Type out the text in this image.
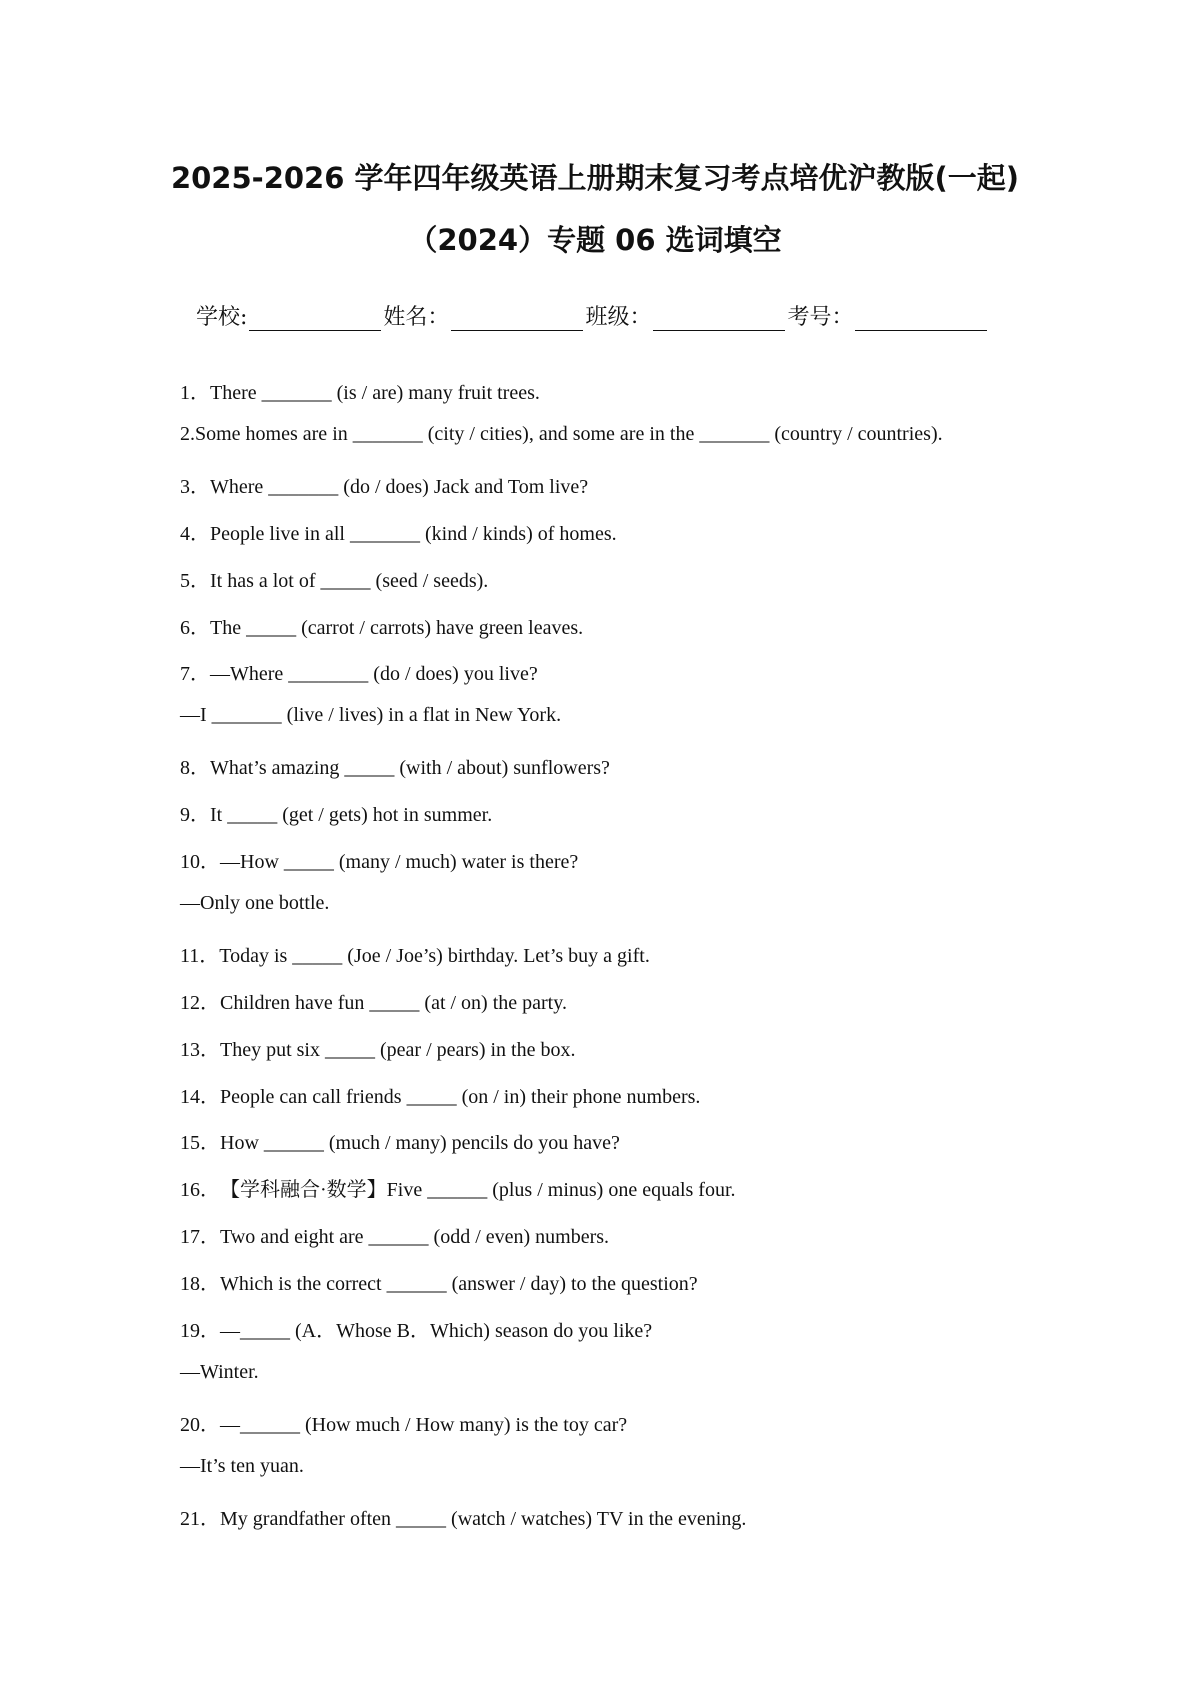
2025-2026 学年四年级英语上册期末复习考点培优沪教版(一起)
（2024）专题 06 选词填空
学校:	姓名：	班级：	考号：
1．There _______ (is / are) many fruit trees.
2.Some homes are in _______ (city / cities), and some are in the _______ (country / countries).
3．Where _______ (do / does) Jack and Tom live?
4．People live in all _______ (kind / kinds) of homes.
5．It has a lot of _____ (seed / seeds).
6．The _____ (carrot / carrots) have green leaves.
7．—Where ________ (do / does) you live?
—I _______ (live / lives) in a flat in New York.
8．What’s amazing _____ (with / about) sunflowers?
9．It _____ (get / gets) hot in summer.
10．—How _____ (many / much) water is there?
—Only one bottle.
11．Today is _____ (Joe / Joe’s) birthday. Let’s buy a gift.
12．Children have fun _____ (at / on) the party.
13．They put six _____ (pear / pears) in the box.
14．People can call friends _____ (on / in) their phone numbers.
15．How ______ (much / many) pencils do you have?
16．【学科融合·数学】Five ______ (plus / minus) one equals four.
17．Two and eight are ______ (odd / even) numbers.
18．Which is the correct ______ (answer / day) to the question?
19．—_____ (A．Whose B．Which) season do you like?
—Winter.
20．—______ (How much / How many) is the toy car?
—It’s ten yuan.
21．My grandfather often _____ (watch / watches) TV in the evening.
